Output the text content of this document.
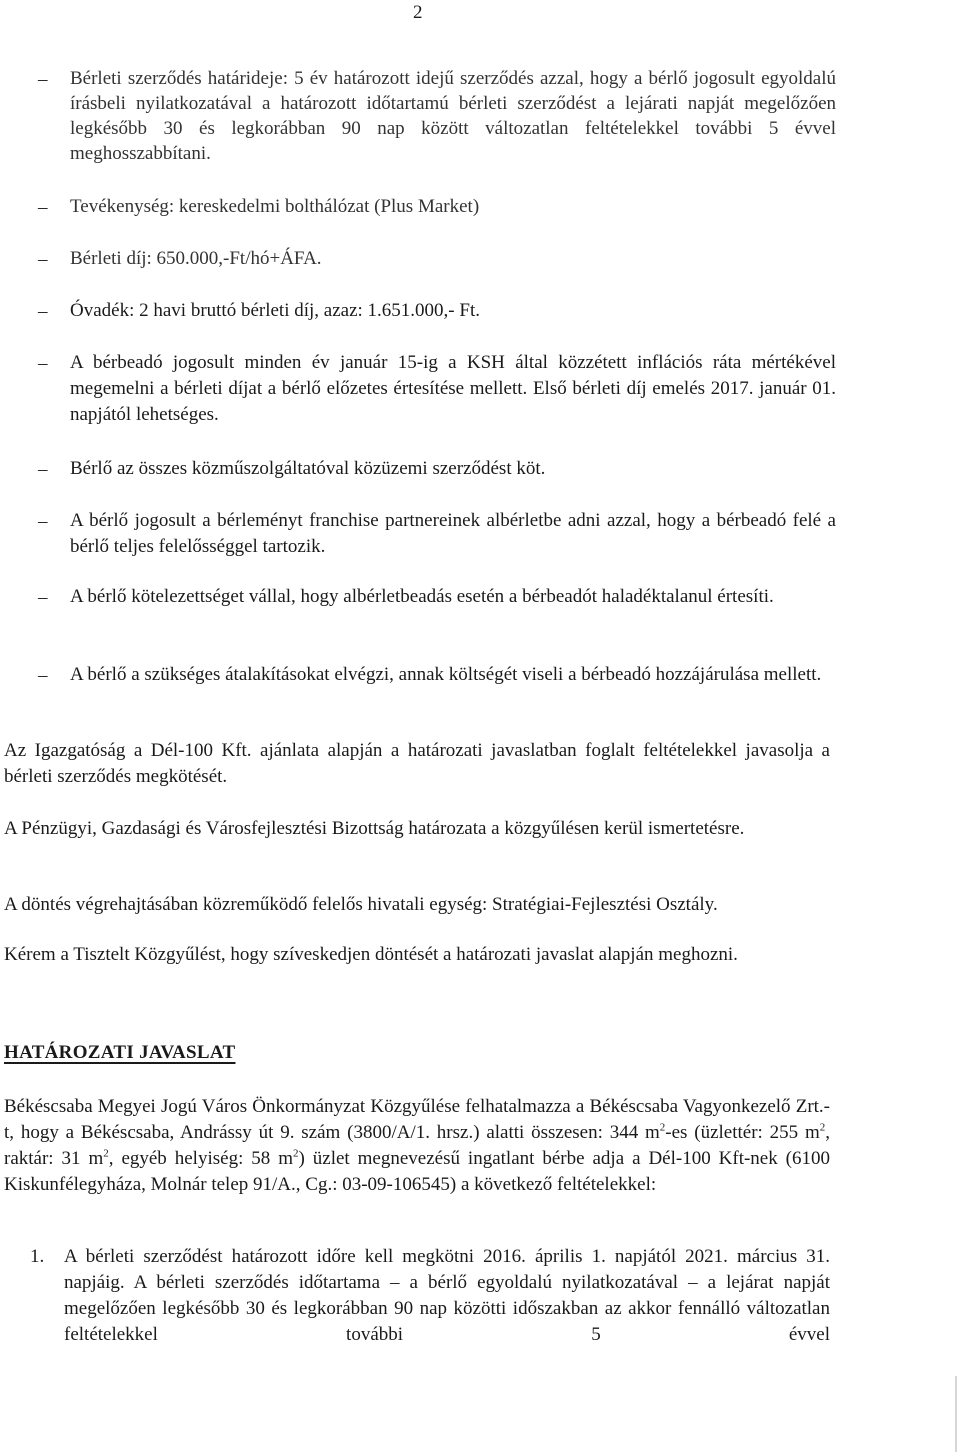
2
– Bérleti szerződés határideje: 5 év határozott idejű szerződés azzal, hogy a bérlő jogosult egyoldalú írásbeli nyilatkozatával a határozott időtartamú bérleti szerződést a lejárati napját megelőzően legkésőbb 30 és legkorábban 90 nap között változatlan feltételekkel további 5 évvel meghosszabbítani.
– Tevékenység: kereskedelmi bolthálózat (Plus Market)
– Bérleti díj: 650.000,-Ft/hó+ÁFA.
– Óvadék: 2 havi bruttó bérleti díj, azaz: 1.651.000,- Ft.
– A bérbeadó jogosult minden év január 15-ig a KSH által közzétett inflációs ráta mértékével megemelni a bérleti díjat a bérlő előzetes értesítése mellett. Első bérleti díj emelés 2017. január 01. napjától lehetséges.
– Bérlő az összes közműszolgáltatóval közüzemi szerződést köt.
– A bérlő jogosult a bérleményt franchise partnereinek albérletbe adni azzal, hogy a bérbeadó felé a bérlő teljes felelősséggel tartozik.
– A bérlő kötelezettséget vállal, hogy albérletbeadás esetén a bérbeadót haladéktalanul értesíti.
– A bérlő a szükséges átalakításokat elvégzi, annak költségét viseli a bérbeadó hozzájárulása mellett.
Az Igazgatóság a Dél-100 Kft. ajánlata alapján a határozati javaslatban foglalt feltételekkel javasolja a bérleti szerződés megkötését.
A Pénzügyi, Gazdasági és Városfejlesztési Bizottság határozata a közgyűlésen kerül ismertetésre.
A döntés végrehajtásában közreműködő felelős hivatali egység: Stratégiai-Fejlesztési Osztály.
Kérem a Tisztelt Közgyűlést, hogy szíveskedjen döntését a határozati javaslat alapján meghozni.
HATÁROZATI JAVASLAT
Békéscsaba Megyei Jogú Város Önkormányzat Közgyűlése felhatalmazza a Békéscsaba Vagyonkezelő Zrt.-t, hogy a Békéscsaba, Andrássy út 9. szám (3800/A/1. hrsz.) alatti összesen: 344 $m^2-es$ (üzlettér: 255 $m^2$, raktár: 31 $m^2$, egyéb helyiség: 58 $m^2$) üzlet megnevezésű ingatlant bérbe adja a Dél-100 Kft-nek (6100 Kiskunfélegyháza, Molnár telep 91/A., Cg.: 03-09-106545) a következő feltételekkel:
1. A bérleti szerződést határozott időre kell megkötni 2016. április 1. napjától 2021. március 31. napjáig. A bérleti szerződés időtartama – a bérlő egyoldalú nyilatkozatával – a lejárat napját megelőzően legkésőbb 30 és legkorábban 90 nap közötti időszakban az akkor fennálló változatlan feltételekkel további 5 évvel
